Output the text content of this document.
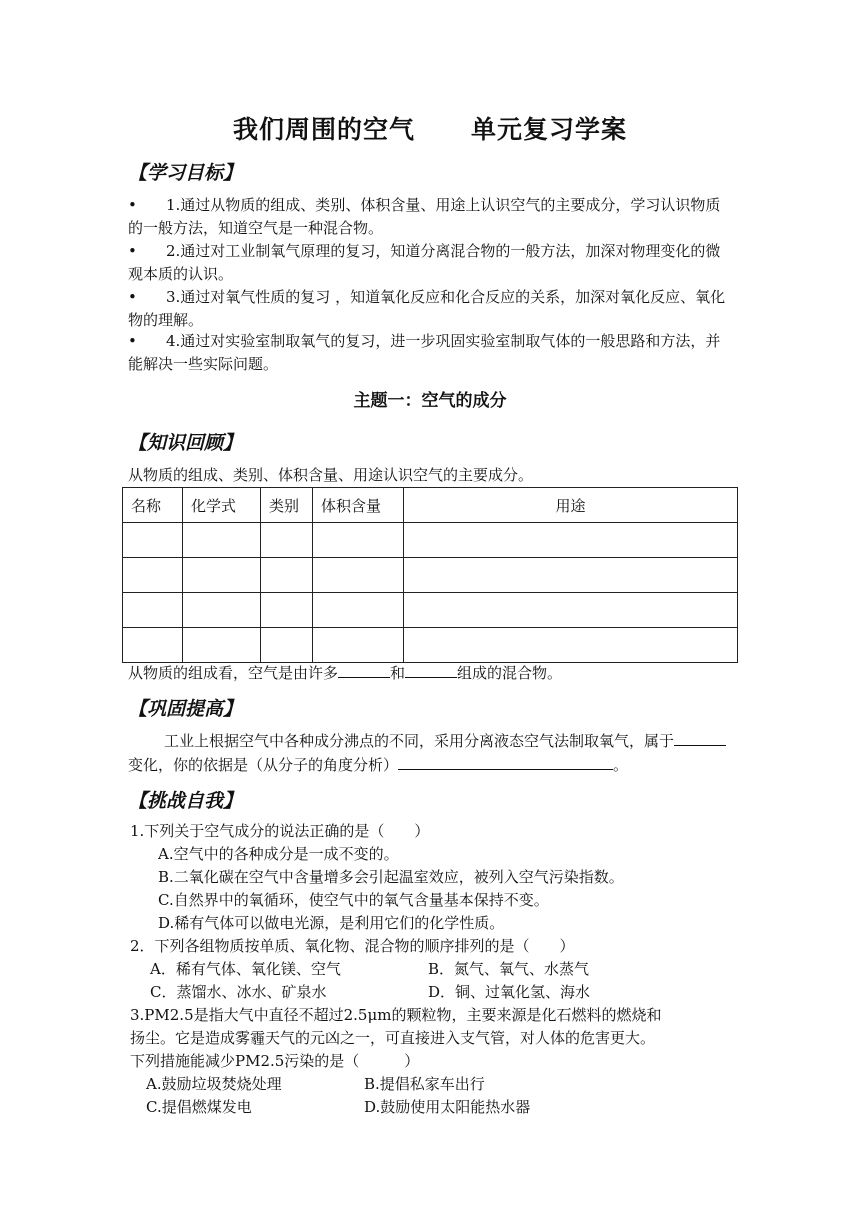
我们周围的空气 单元复习学案
【学习目标】
•	1.通过从物质的组成、类别、体积含量、用途上认识空气的主要成分，学习认识物质的一般方法，知道空气是一种混合物。
•	2.通过对工业制氧气原理的复习，知道分离混合物的一般方法，加深对物理变化的微观本质的认识。
•	3.通过对氧气性质的复习 ，知道氧化反应和化合反应的关系，加深对氧化反应、氧化物的理解。
•	4.通过对实验室制取氧气的复习，进一步巩固实验室制取气体的一般思路和方法，并能解决一些实际问题。
主题一：空气的成分
【知识回顾】
从物质的组成、类别、体积含量、用途认识空气的主要成分。
名称	化学式	类别	体积含量	用途

从物质的组成看，空气是由许多	和	组成的混合物。
【巩固提高】
工业上根据空气中各种成分沸点的不同，采用分离液态空气法制取氧气，属于变化，你的依据是（从分子的角度分析）	。
【挑战自我】
1.下列关于空气成分的说法正确的是（　　）
A.空气中的各种成分是一成不变的。
B.二氧化碳在空气中含量增多会引起温室效应，被列入空气污染指数。
C.自然界中的氧循环，使空气中的氧气含量基本保持不变。
D.稀有气体可以做电光源，是利用它们的化学性质。
2．下列各组物质按单质、氧化物、混合物的顺序排列的是（　　）
A．稀有气体、氧化镁、空气	B．氮气、氧气、水蒸气
C．蒸馏水、冰水、矿泉水	D．铜、过氧化氢、海水
3.PM2.5是指大气中直径不超过2.5μm的颗粒物，主要来源是化石燃料的燃烧和
扬尘。它是造成雾霾天气的元凶之一，可直接进入支气管，对人体的危害更大。
下列措施能减少PM2.5污染的是（　　　）
A.鼓励垃圾焚烧处理	B.提倡私家车出行
C.提倡燃煤发电	D.鼓励使用太阳能热水器
